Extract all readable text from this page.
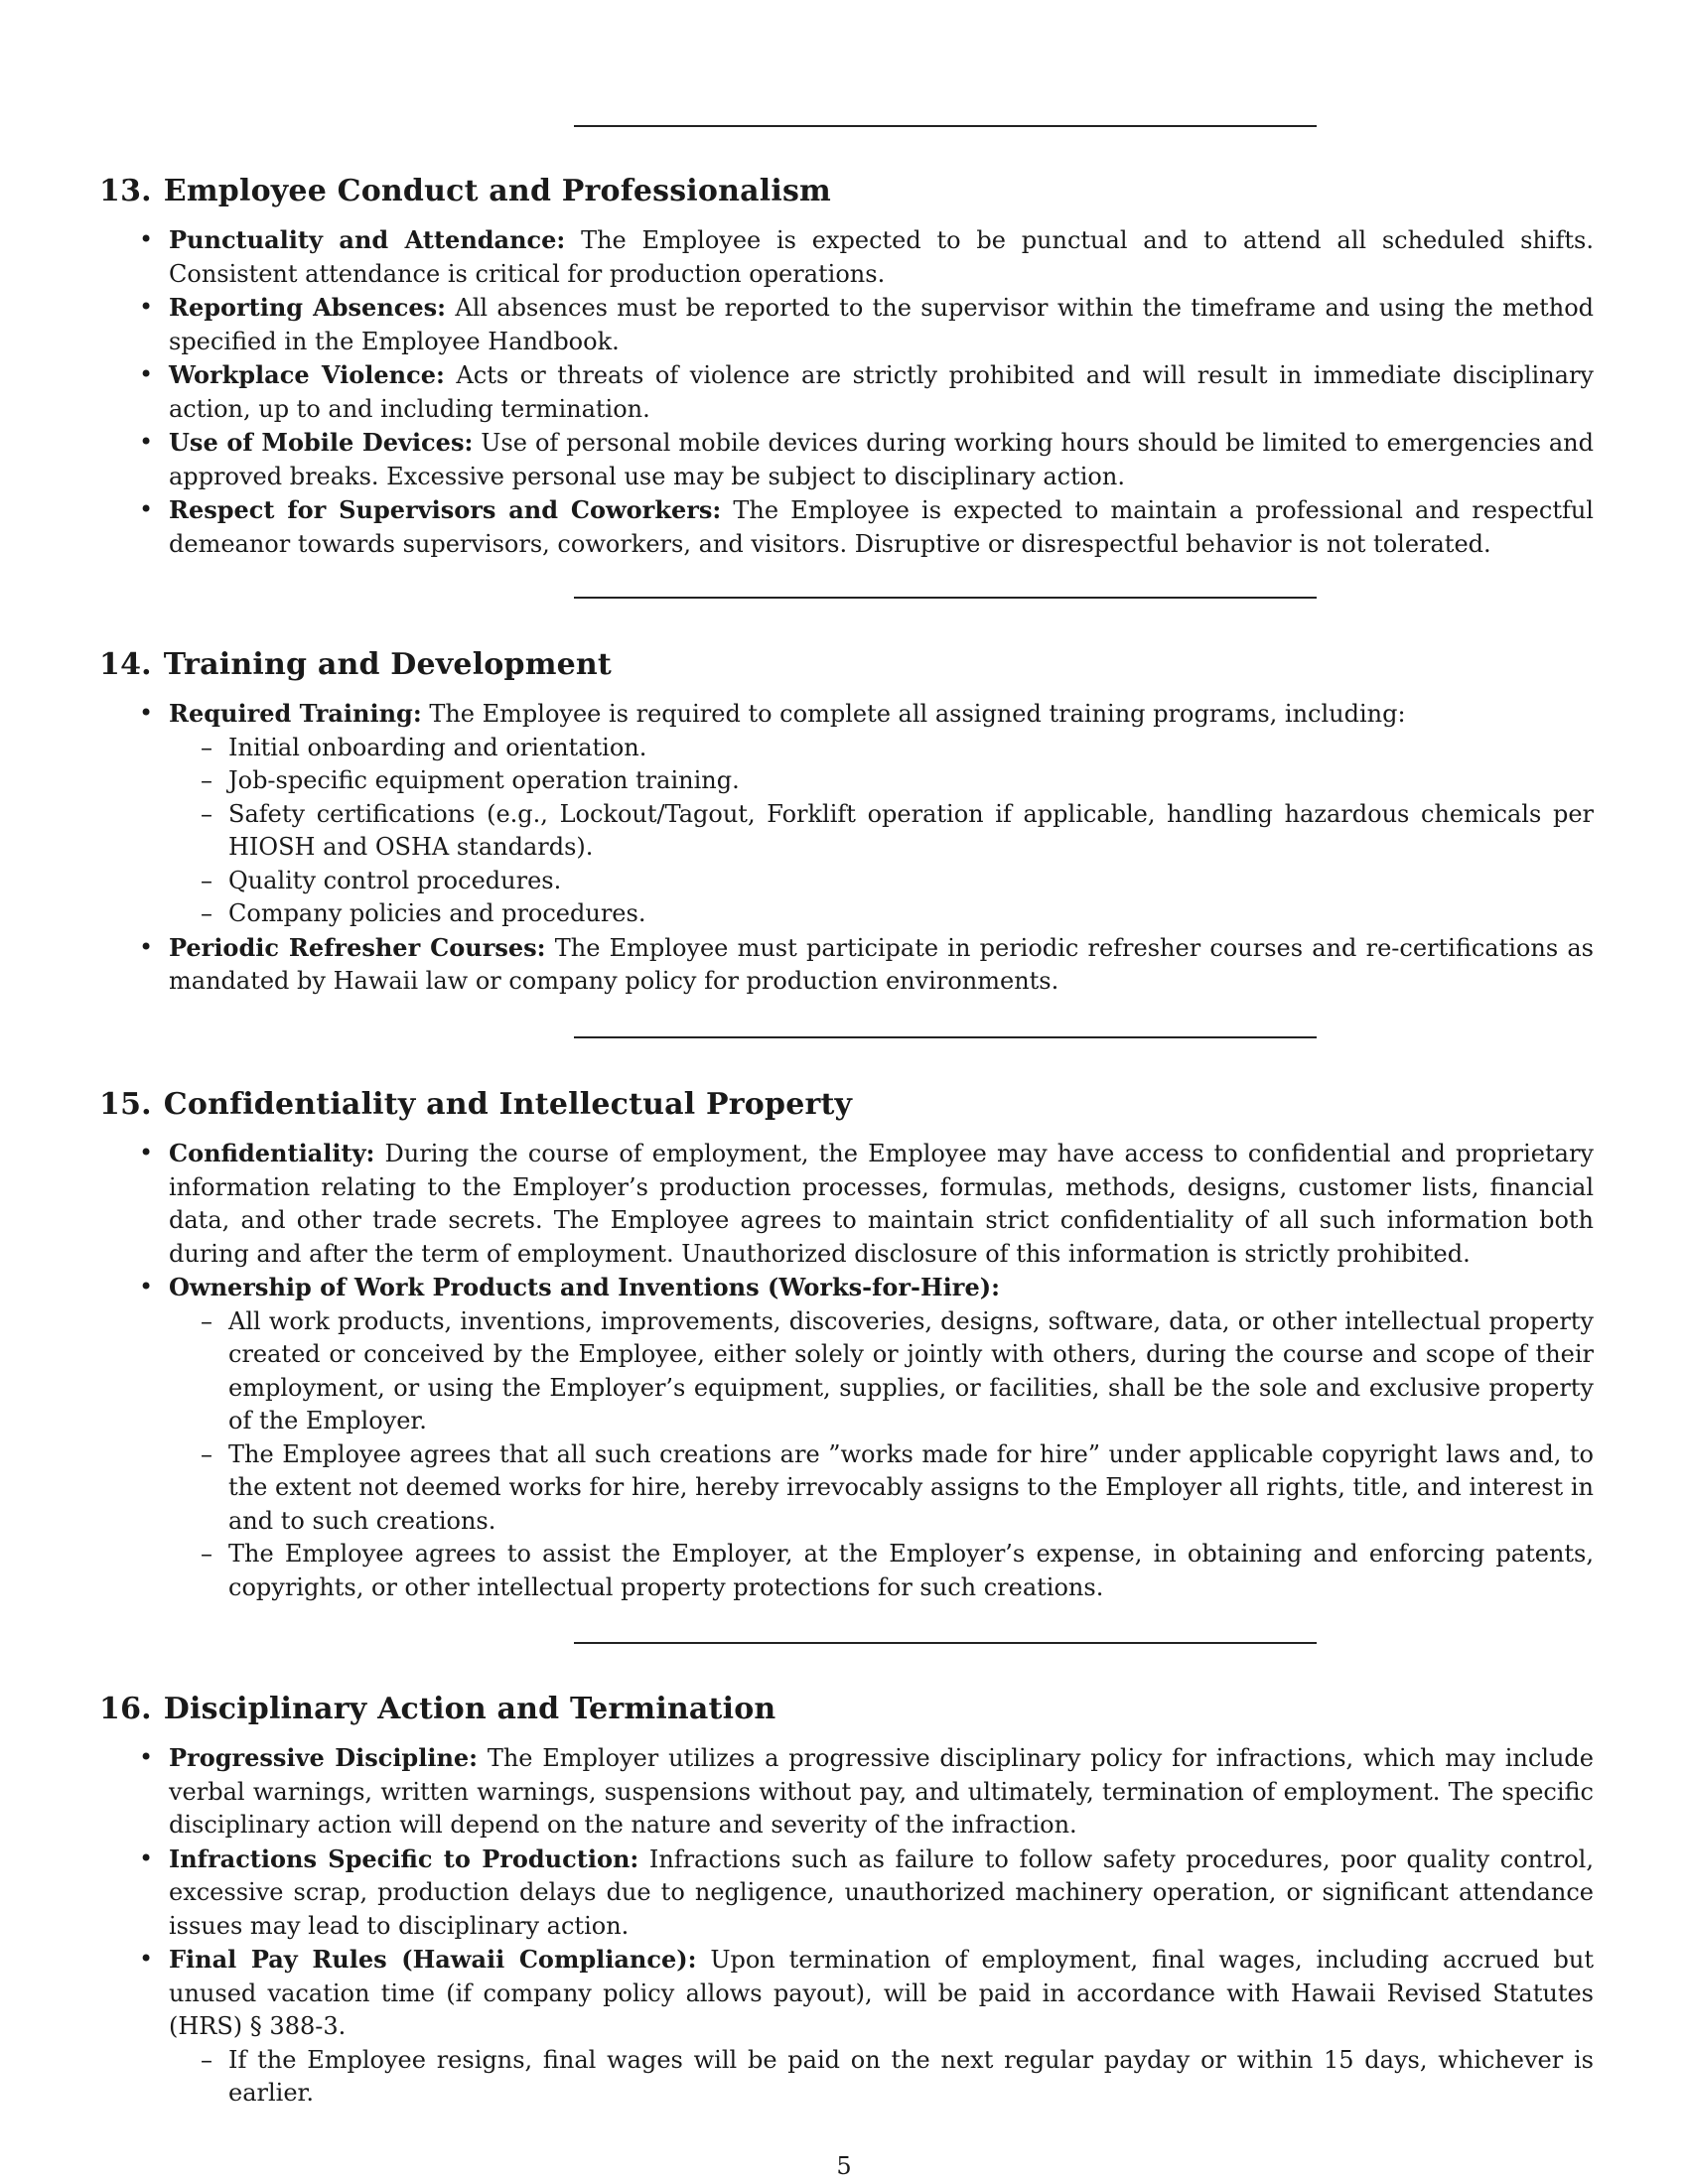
13. Employee Conduct and Professionalism
• Punctuality and Attendance: The Employee is expected to be punctual and to attend all scheduled shifts. Consistent attendance is critical for production operations.
• Reporting Absences: All absences must be reported to the supervisor within the timeframe and using the method specified in the Employee Handbook.
• Workplace Violence: Acts or threats of violence are strictly prohibited and will result in immediate disciplinary action, up to and including termination.
• Use of Mobile Devices: Use of personal mobile devices during working hours should be limited to emergencies and approved breaks. Excessive personal use may be subject to disciplinary action.
• Respect for Supervisors and Coworkers: The Employee is expected to maintain a professional and respectful demeanor towards supervisors, coworkers, and visitors. Disruptive or disrespectful behavior is not tolerated.
14. Training and Development
• Required Training: The Employee is required to complete all assigned training programs, including:
– Initial onboarding and orientation.
– Job-specific equipment operation training.
– Safety certifications (e.g., Lockout/Tagout, Forklift operation if applicable, handling hazardous chemicals per HIOSH and OSHA standards).
– Quality control procedures.
– Company policies and procedures.
• Periodic Refresher Courses: The Employee must participate in periodic refresher courses and re-certifications as mandated by Hawaii law or company policy for production environments.
15. Confidentiality and Intellectual Property
• Confidentiality: During the course of employment, the Employee may have access to confidential and proprietary information relating to the Employer’s production processes, formulas, methods, designs, customer lists, financial data, and other trade secrets. The Employee agrees to maintain strict confidentiality of all such information both during and after the term of employment. Unauthorized disclosure of this information is strictly prohibited.
• Ownership of Work Products and Inventions (Works-for-Hire):
– All work products, inventions, improvements, discoveries, designs, software, data, or other intellectual property created or conceived by the Employee, either solely or jointly with others, during the course and scope of their employment, or using the Employer’s equipment, supplies, or facilities, shall be the sole and exclusive property of the Employer.
– The Employee agrees that all such creations are ”works made for hire” under applicable copyright laws and, to the extent not deemed works for hire, hereby irrevocably assigns to the Employer all rights, title, and interest in and to such creations.
– The Employee agrees to assist the Employer, at the Employer’s expense, in obtaining and enforcing patents, copyrights, or other intellectual property protections for such creations.
16. Disciplinary Action and Termination
• Progressive Discipline: The Employer utilizes a progressive disciplinary policy for infractions, which may include verbal warnings, written warnings, suspensions without pay, and ultimately, termination of employment. The specific disciplinary action will depend on the nature and severity of the infraction.
• Infractions Specific to Production: Infractions such as failure to follow safety procedures, poor quality control, excessive scrap, production delays due to negligence, unauthorized machinery operation, or significant attendance issues may lead to disciplinary action.
• Final Pay Rules (Hawaii Compliance): Upon termination of employment, final wages, including accrued but unused vacation time (if company policy allows payout), will be paid in accordance with Hawaii Revised Statutes (HRS) § 388-3.
– If the Employee resigns, final wages will be paid on the next regular payday or within 15 days, whichever is earlier.
5
